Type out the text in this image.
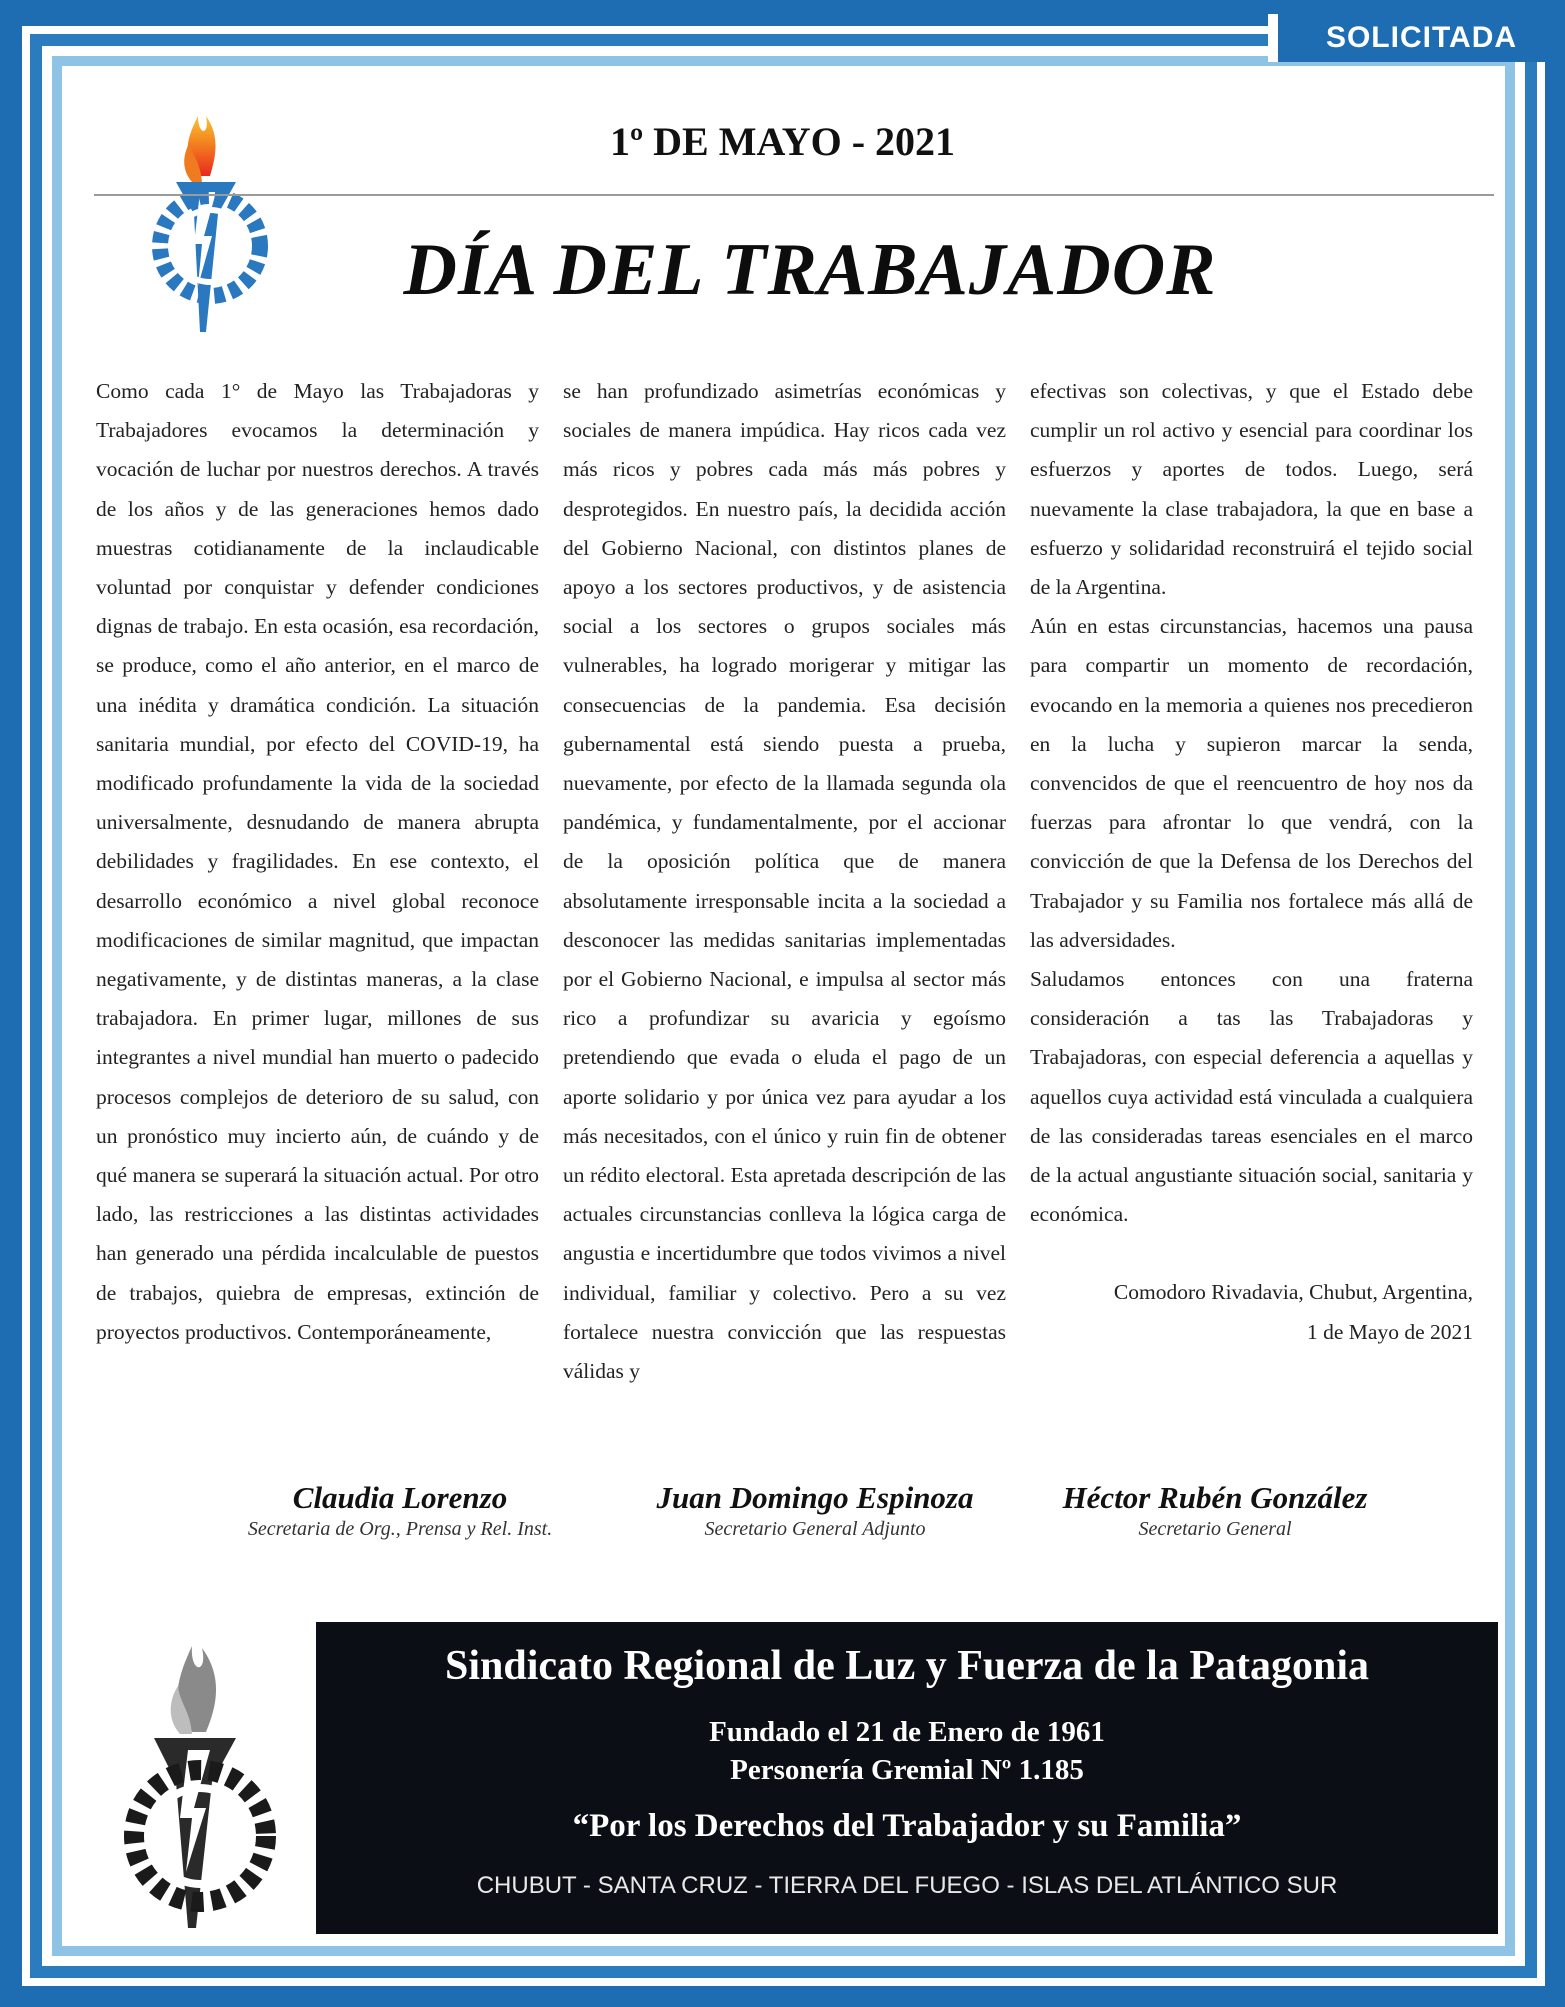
SOLICITADA
1º DE MAYO - 2021
DÍA DEL TRABAJADOR

Como cada 1° de Mayo las Trabajadoras y Trabajadores evocamos la determinación y vocación de luchar por nuestros derechos. A través de los años y de las generaciones hemos dado muestras cotidianamente de la inclaudicable voluntad por conquistar y defender condiciones dignas de trabajo. En esta ocasión, esa recordación, se produce, como el año anterior, en el marco de una inédita y dramática condición. La situación sanitaria mundial, por efecto del COVID-19, ha modificado profundamente la vida de la sociedad universalmente, desnudando de manera abrupta debilidades y fragilidades. En ese contexto, el desarrollo económico a nivel global reconoce modificaciones de similar magnitud, que impactan negativamente, y de distintas maneras, a la clase trabajadora. En primer lugar, millones de sus integrantes a nivel mundial han muerto o padecido procesos complejos de deterioro de su salud, con un pronóstico muy incierto aún, de cuándo y de qué manera se superará la situación actual. Por otro lado, las restricciones a las distintas actividades han generado una pérdida incalculable de puestos de trabajos, quiebra de empresas, extinción de proyectos productivos. Contemporáneamente,

se han profundizado asimetrías económicas y sociales de manera impúdica. Hay ricos cada vez más ricos y pobres cada más más pobres y desprotegidos. En nuestro país, la decidida acción del Gobierno Nacional, con distintos planes de apoyo a los sectores productivos, y de asistencia social a los sectores o grupos sociales más vulnerables, ha logrado morigerar y mitigar las consecuencias de la pandemia. Esa decisión gubernamental está siendo puesta a prueba, nuevamente, por efecto de la llamada segunda ola pandémica, y fundamentalmente, por el accionar de la oposición política que de manera absolutamente irresponsable incita a la sociedad a desconocer las medidas sanitarias implementadas por el Gobierno Nacional, e impulsa al sector más rico a profundizar su avaricia y egoísmo pretendiendo que evada o eluda el pago de un aporte solidario y por única vez para ayudar a los más necesitados, con el único y ruin fin de obtener un rédito electoral. Esta apretada descripción de las actuales circunstancias conlleva la lógica carga de angustia e incertidumbre que todos vivimos a nivel individual, familiar y colectivo. Pero a su vez fortalece nuestra convicción que las respuestas válidas y

efectivas son colectivas, y que el Estado debe cumplir un rol activo y esencial para coordinar los esfuerzos y aportes de todos. Luego, será nuevamente la clase trabajadora, la que en base a esfuerzo y solidaridad reconstruirá el tejido social de la Argentina.

Aún en estas circunstancias, hacemos una pausa para compartir un momento de recordación, evocando en la memoria a quienes nos precedieron en la lucha y supieron marcar la senda, convencidos de que el reencuentro de hoy nos da fuerzas para afrontar lo que vendrá, con la convicción de que la Defensa de los Derechos del Trabajador y su Familia nos fortalece más allá de las adversidades.

Saludamos entonces con una fraterna consideración a tas las Trabajadoras y Trabajadoras, con especial deferencia a aquellas y aquellos cuya actividad está vinculada a cualquiera de las consideradas tareas esenciales en el marco de la actual angustiante situación social, sanitaria y económica.

Comodoro Rivadavia, Chubut, Argentina,

1 de Mayo de 2021

Claudia Lorenzo
Secretaria de Org., Prensa y Rel. Inst.
Juan Domingo Espinoza
Secretario General Adjunto
Héctor Rubén González
Secretario General
Sindicato Regional de Luz y Fuerza de la Patagonia
Fundado el 21 de Enero de 1961
Personería Gremial Nº 1.185
“Por los Derechos del Trabajador y su Familia”
CHUBUT - SANTA CRUZ - TIERRA DEL FUEGO - ISLAS DEL ATLÁNTICO SUR
